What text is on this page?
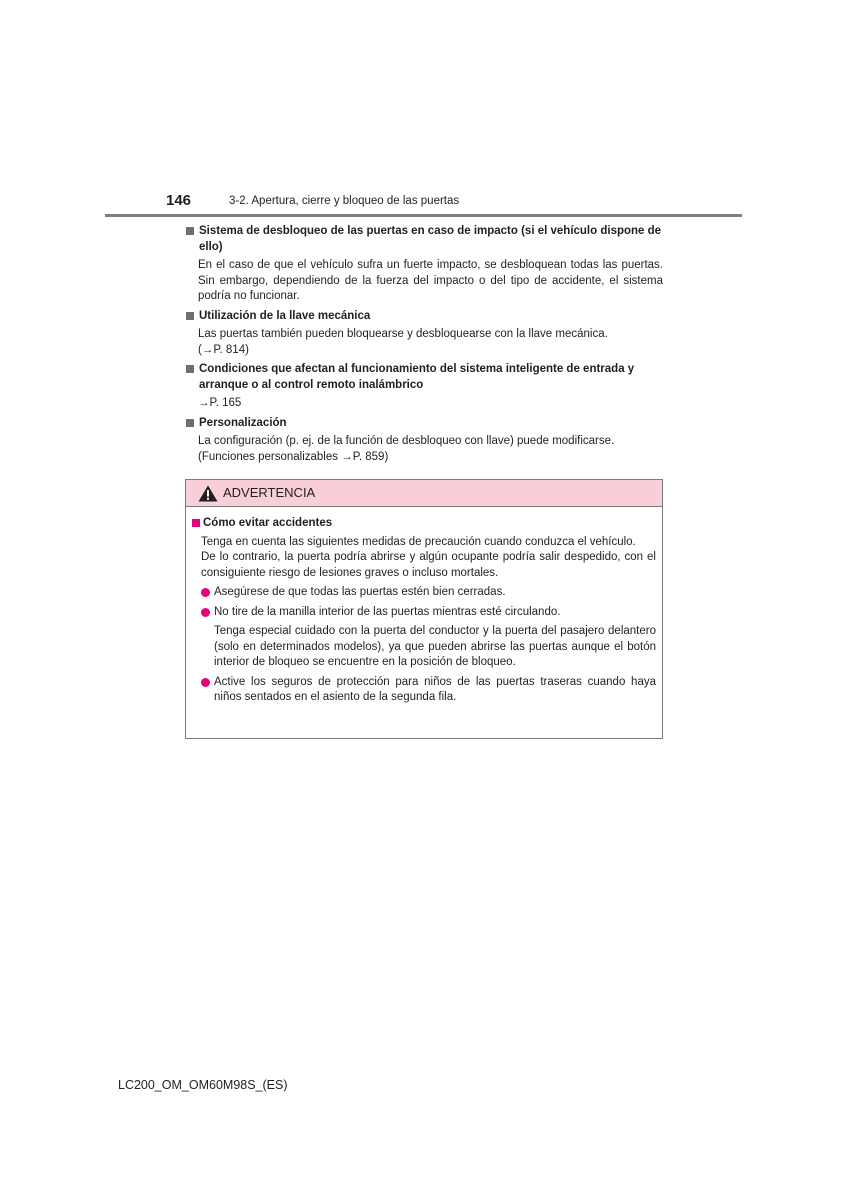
146	3-2. Apertura, cierre y bloqueo de las puertas
Sistema de desbloqueo de las puertas en caso de impacto (si el vehículo dispone de ello)
En el caso de que el vehículo sufra un fuerte impacto, se desbloquean todas las puertas. Sin embargo, dependiendo de la fuerza del impacto o del tipo de accidente, el sistema podría no funcionar.
Utilización de la llave mecánica
Las puertas también pueden bloquearse y desbloquearse con la llave mecánica.
(→P. 814)
Condiciones que afectan al funcionamiento del sistema inteligente de entrada y arranque o al control remoto inalámbrico
→P. 165
Personalización
La configuración (p. ej. de la función de desbloqueo con llave) puede modificarse.
(Funciones personalizables →P. 859)
ADVERTENCIA
Cómo evitar accidentes
Tenga en cuenta las siguientes medidas de precaución cuando conduzca el vehículo.
De lo contrario, la puerta podría abrirse y algún ocupante podría salir despedido, con el consiguiente riesgo de lesiones graves o incluso mortales.
Asegúrese de que todas las puertas estén bien cerradas.
No tire de la manilla interior de las puertas mientras esté circulando.
Tenga especial cuidado con la puerta del conductor y la puerta del pasajero delantero (solo en determinados modelos), ya que pueden abrirse las puertas aunque el botón interior de bloqueo se encuentre en la posición de bloqueo.
Active los seguros de protección para niños de las puertas traseras cuando haya niños sentados en el asiento de la segunda fila.
LC200_OM_OM60M98S_(ES)
